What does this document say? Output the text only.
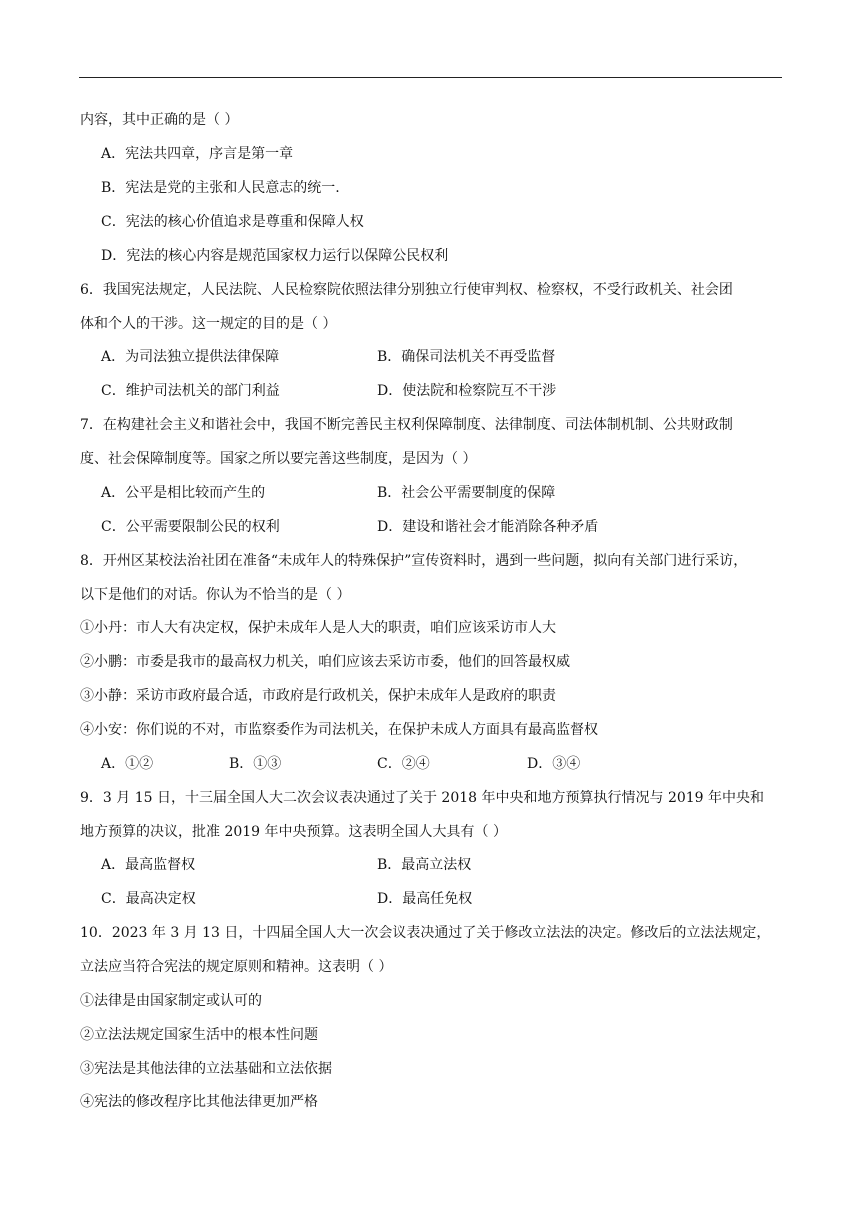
内容，其中正确的是（ ）
A．宪法共四章，序言是第一章
B．宪法是党的主张和人民意志的统一.
C．宪法的核心价值追求是尊重和保障人权
D．宪法的核心内容是规范国家权力运行以保障公民权利
6．我国宪法规定，人民法院、人民检察院依照法律分别独立行使审判权、检察权，不受行政机关、社会团
体和个人的干涉。这一规定的目的是（ ）
A．为司法独立提供法律保障	B．确保司法机关不再受监督
C．维护司法机关的部门利益	D．使法院和检察院互不干涉
7．在构建社会主义和谐社会中，我国不断完善民主权利保障制度、法律制度、司法体制机制、公共财政制
度、社会保障制度等。国家之所以要完善这些制度，是因为（ ）
A．公平是相比较而产生的	B．社会公平需要制度的保障
C．公平需要限制公民的权利	D．建设和谐社会才能消除各种矛盾
8．开州区某校法治社团在准备“未成年人的特殊保护”宣传资料时，遇到一些问题，拟向有关部门进行采访，
以下是他们的对话。你认为不恰当的是（ ）
①小丹：市人大有决定权，保护未成年人是人大的职责，咱们应该采访市人大
②小鹏：市委是我市的最高权力机关，咱们应该去采访市委，他们的回答最权威
③小静：采访市政府最合适，市政府是行政机关，保护未成年人是政府的职责
④小安：你们说的不对，市监察委作为司法机关，在保护未成人方面具有最高监督权
A．①②	B．①③	C．②④	D．③④
9．3 月 15 日，十三届全国人大二次会议表决通过了关于 2018 年中央和地方预算执行情况与 2019 年中央和
地方预算的决议，批准 2019 年中央预算。这表明全国人大具有（ ）
A．最高监督权	B．最高立法权
C．最高决定权	D．最高任免权
10．2023 年 3 月 13 日，十四届全国人大一次会议表决通过了关于修改立法法的决定。修改后的立法法规定，
立法应当符合宪法的规定原则和精神。这表明（ ）
①法律是由国家制定或认可的
②立法法规定国家生活中的根本性问题
③宪法是其他法律的立法基础和立法依据
④宪法的修改程序比其他法律更加严格
